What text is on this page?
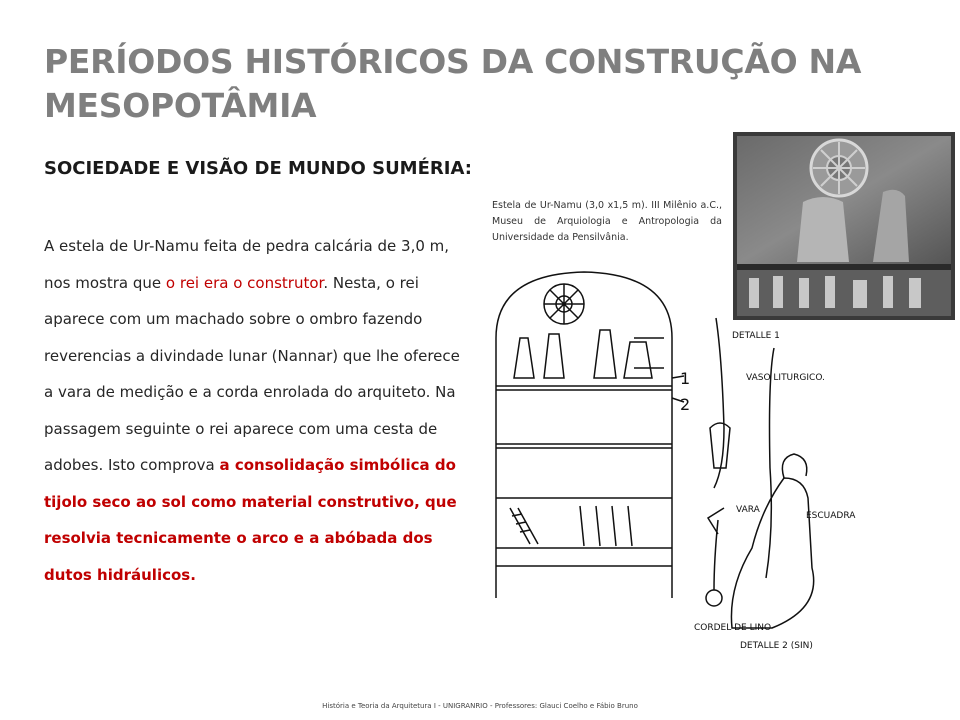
PERÍODOS HISTÓRICOS DA CONSTRUÇÃO NA MESOPOTÂMIA
SOCIEDADE E VISÃO DE MUNDO SUMÉRIA:

A estela de Ur-Namu feita de pedra calcária de 3,0 m, nos mostra que o rei era o construtor. Nesta, o rei aparece com um machado sobre o ombro fazendo reverencias a divindade lunar (Nannar) que lhe oferece a vara de medição e a corda enrolada do arquiteto. Na passagem seguinte o rei aparece com uma cesta de adobes. Isto comprova a consolidação simbólica do tijolo seco ao sol como material construtivo, que resolvia tecnicamente o arco e a abóbada dos dutos hidráulicos.

Estela de Ur-Namu (3,0 x1,5 m). III Milênio a.C., Museu de Arquiologia e Antropologia da Universidade da Pensilvânia.

DETALLE 1
VASO LITURGICO.
VARA
ESCUADRA
CORDEL DE LINO
DETALLE 2 (SIN)
1
2

História e Teoria da Arquitetura I - UNIGRANRIO - Professores: Glauci Coelho e Fábio Bruno
